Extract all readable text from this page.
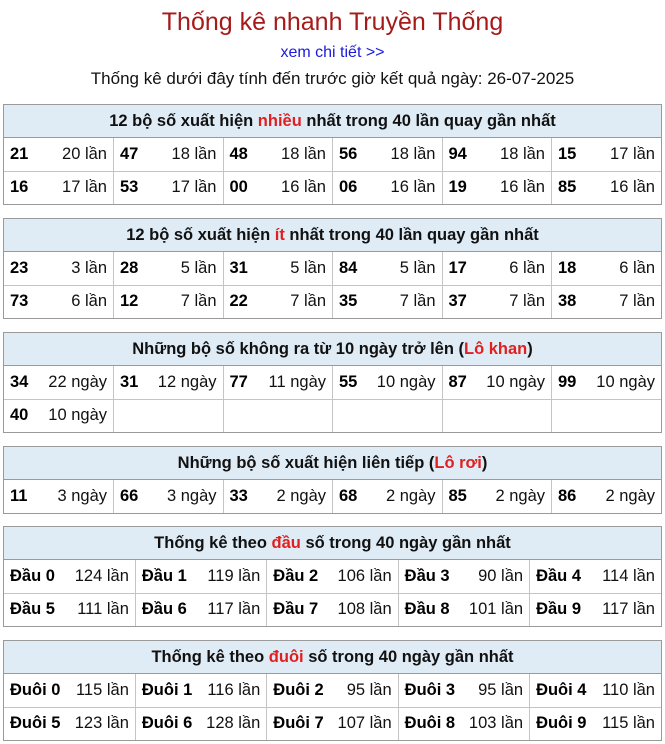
Thống kê nhanh Truyền Thống
xem chi tiết >>
Thống kê dưới đây tính đến trước giờ kết quả ngày: 26-07-2025
12 bộ số xuất hiện nhiều nhất trong 40 lần quay gần nhất
21 20 lần	47 18 lần	48 18 lần	56 18 lần	94 18 lần	15 17 lần

16 17 lần	53 17 lần	00 16 lần	06 16 lần	19 16 lần	85 16 lần
12 bộ số xuất hiện ít nhất trong 40 lần quay gần nhất
23 3 lần	28 5 lần	31 5 lần	84 5 lần	17 6 lần	18 6 lần

73 6 lần	12 7 lần	22 7 lần	35 7 lần	37 7 lần	38 7 lần
Những bộ số không ra từ 10 ngày trở lên (Lô khan)
34 22 ngày	31 12 ngày	77 11 ngày	55 10 ngày	87 10 ngày	99 10 ngày

40 10 ngày					

Những bộ số xuất hiện liên tiếp (Lô rơi)
11 3 ngày	66 3 ngày	33 2 ngày	68 2 ngày	85 2 ngày	86 2 ngày
Thống kê theo đầu số trong 40 ngày gần nhất
Đầu 0 124 lần	Đầu 1 119 lần	Đầu 2 106 lần	Đầu 3 90 lần	Đầu 4 114 lần

Đầu 5 111 lần	Đầu 6 117 lần	Đầu 7 108 lần	Đầu 8 101 lần	Đầu 9 117 lần
Thống kê theo đuôi số trong 40 ngày gần nhất
Đuôi 0 115 lần	Đuôi 1 116 lần	Đuôi 2 95 lần	Đuôi 3 95 lần	Đuôi 4 110 lần

Đuôi 5 123 lần	Đuôi 6 128 lần	Đuôi 7 107 lần	Đuôi 8 103 lần	Đuôi 9 115 lần
